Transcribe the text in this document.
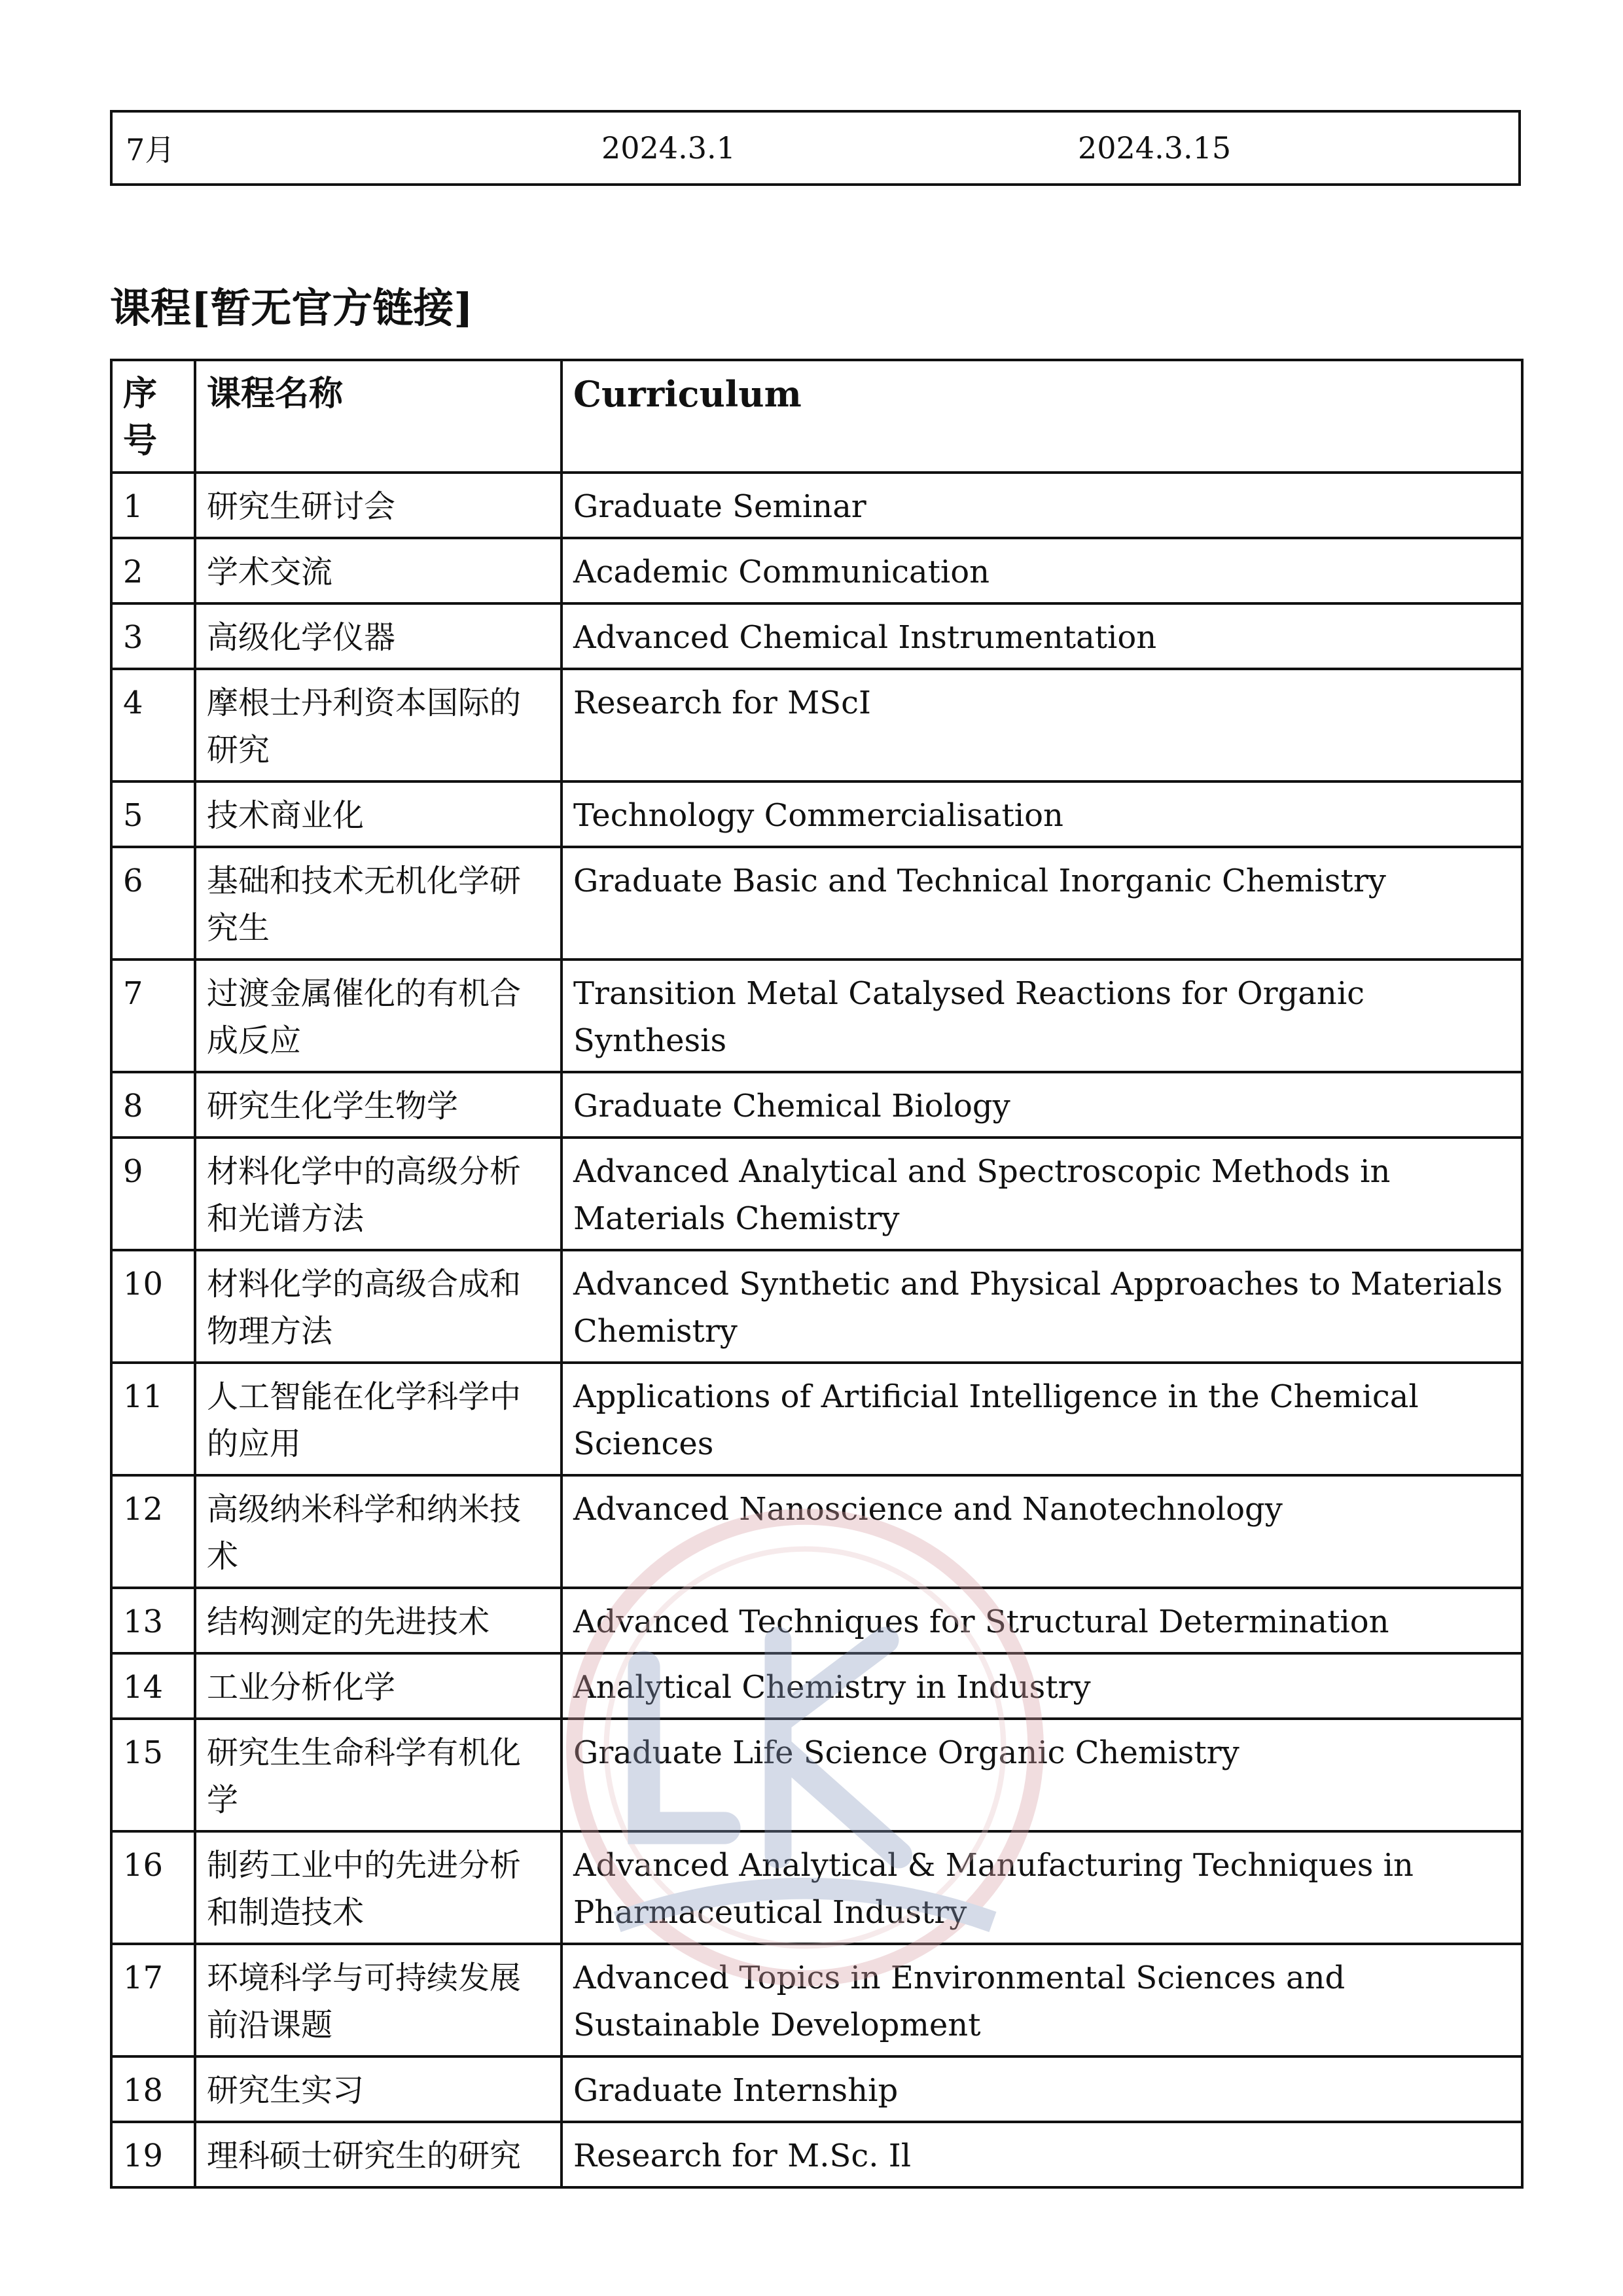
7月	2024.3.1	2024.3.15
课程[暂无官方链接]
序号	课程名称	Curriculum
1	研究生研讨会	Graduate Seminar
2	学术交流	Academic Communication
3	高级化学仪器	Advanced Chemical Instrumentation
4	摩根士丹利资本国际的研究	Research for MScI
5	技术商业化	Technology Commercialisation
6	基础和技术无机化学研究生	Graduate Basic and Technical Inorganic Chemistry
7	过渡金属催化的有机合成反应	Transition Metal Catalysed Reactions for Organic Synthesis
8	研究生化学生物学	Graduate Chemical Biology
9	材料化学中的高级分析和光谱方法	Advanced Analytical and Spectroscopic Methods in Materials Chemistry
10	材料化学的高级合成和物理方法	Advanced Synthetic and Physical Approaches to Materials Chemistry
11	人工智能在化学科学中的应用	Applications of Artificial Intelligence in the Chemical Sciences
12	高级纳米科学和纳米技术	Advanced Nanoscience and Nanotechnology
13	结构测定的先进技术	Advanced Techniques for Structural Determination
14	工业分析化学	Analytical Chemistry in Industry
15	研究生生命科学有机化学	Graduate Life Science Organic Chemistry
16	制药工业中的先进分析和制造技术	Advanced Analytical & Manufacturing Techniques in Pharmaceutical Industry
17	环境科学与可持续发展前沿课题	Advanced Topics in Environmental Sciences and Sustainable Development
18	研究生实习	Graduate Internship
19	理科硕士研究生的研究	Research for M.Sc. Il
